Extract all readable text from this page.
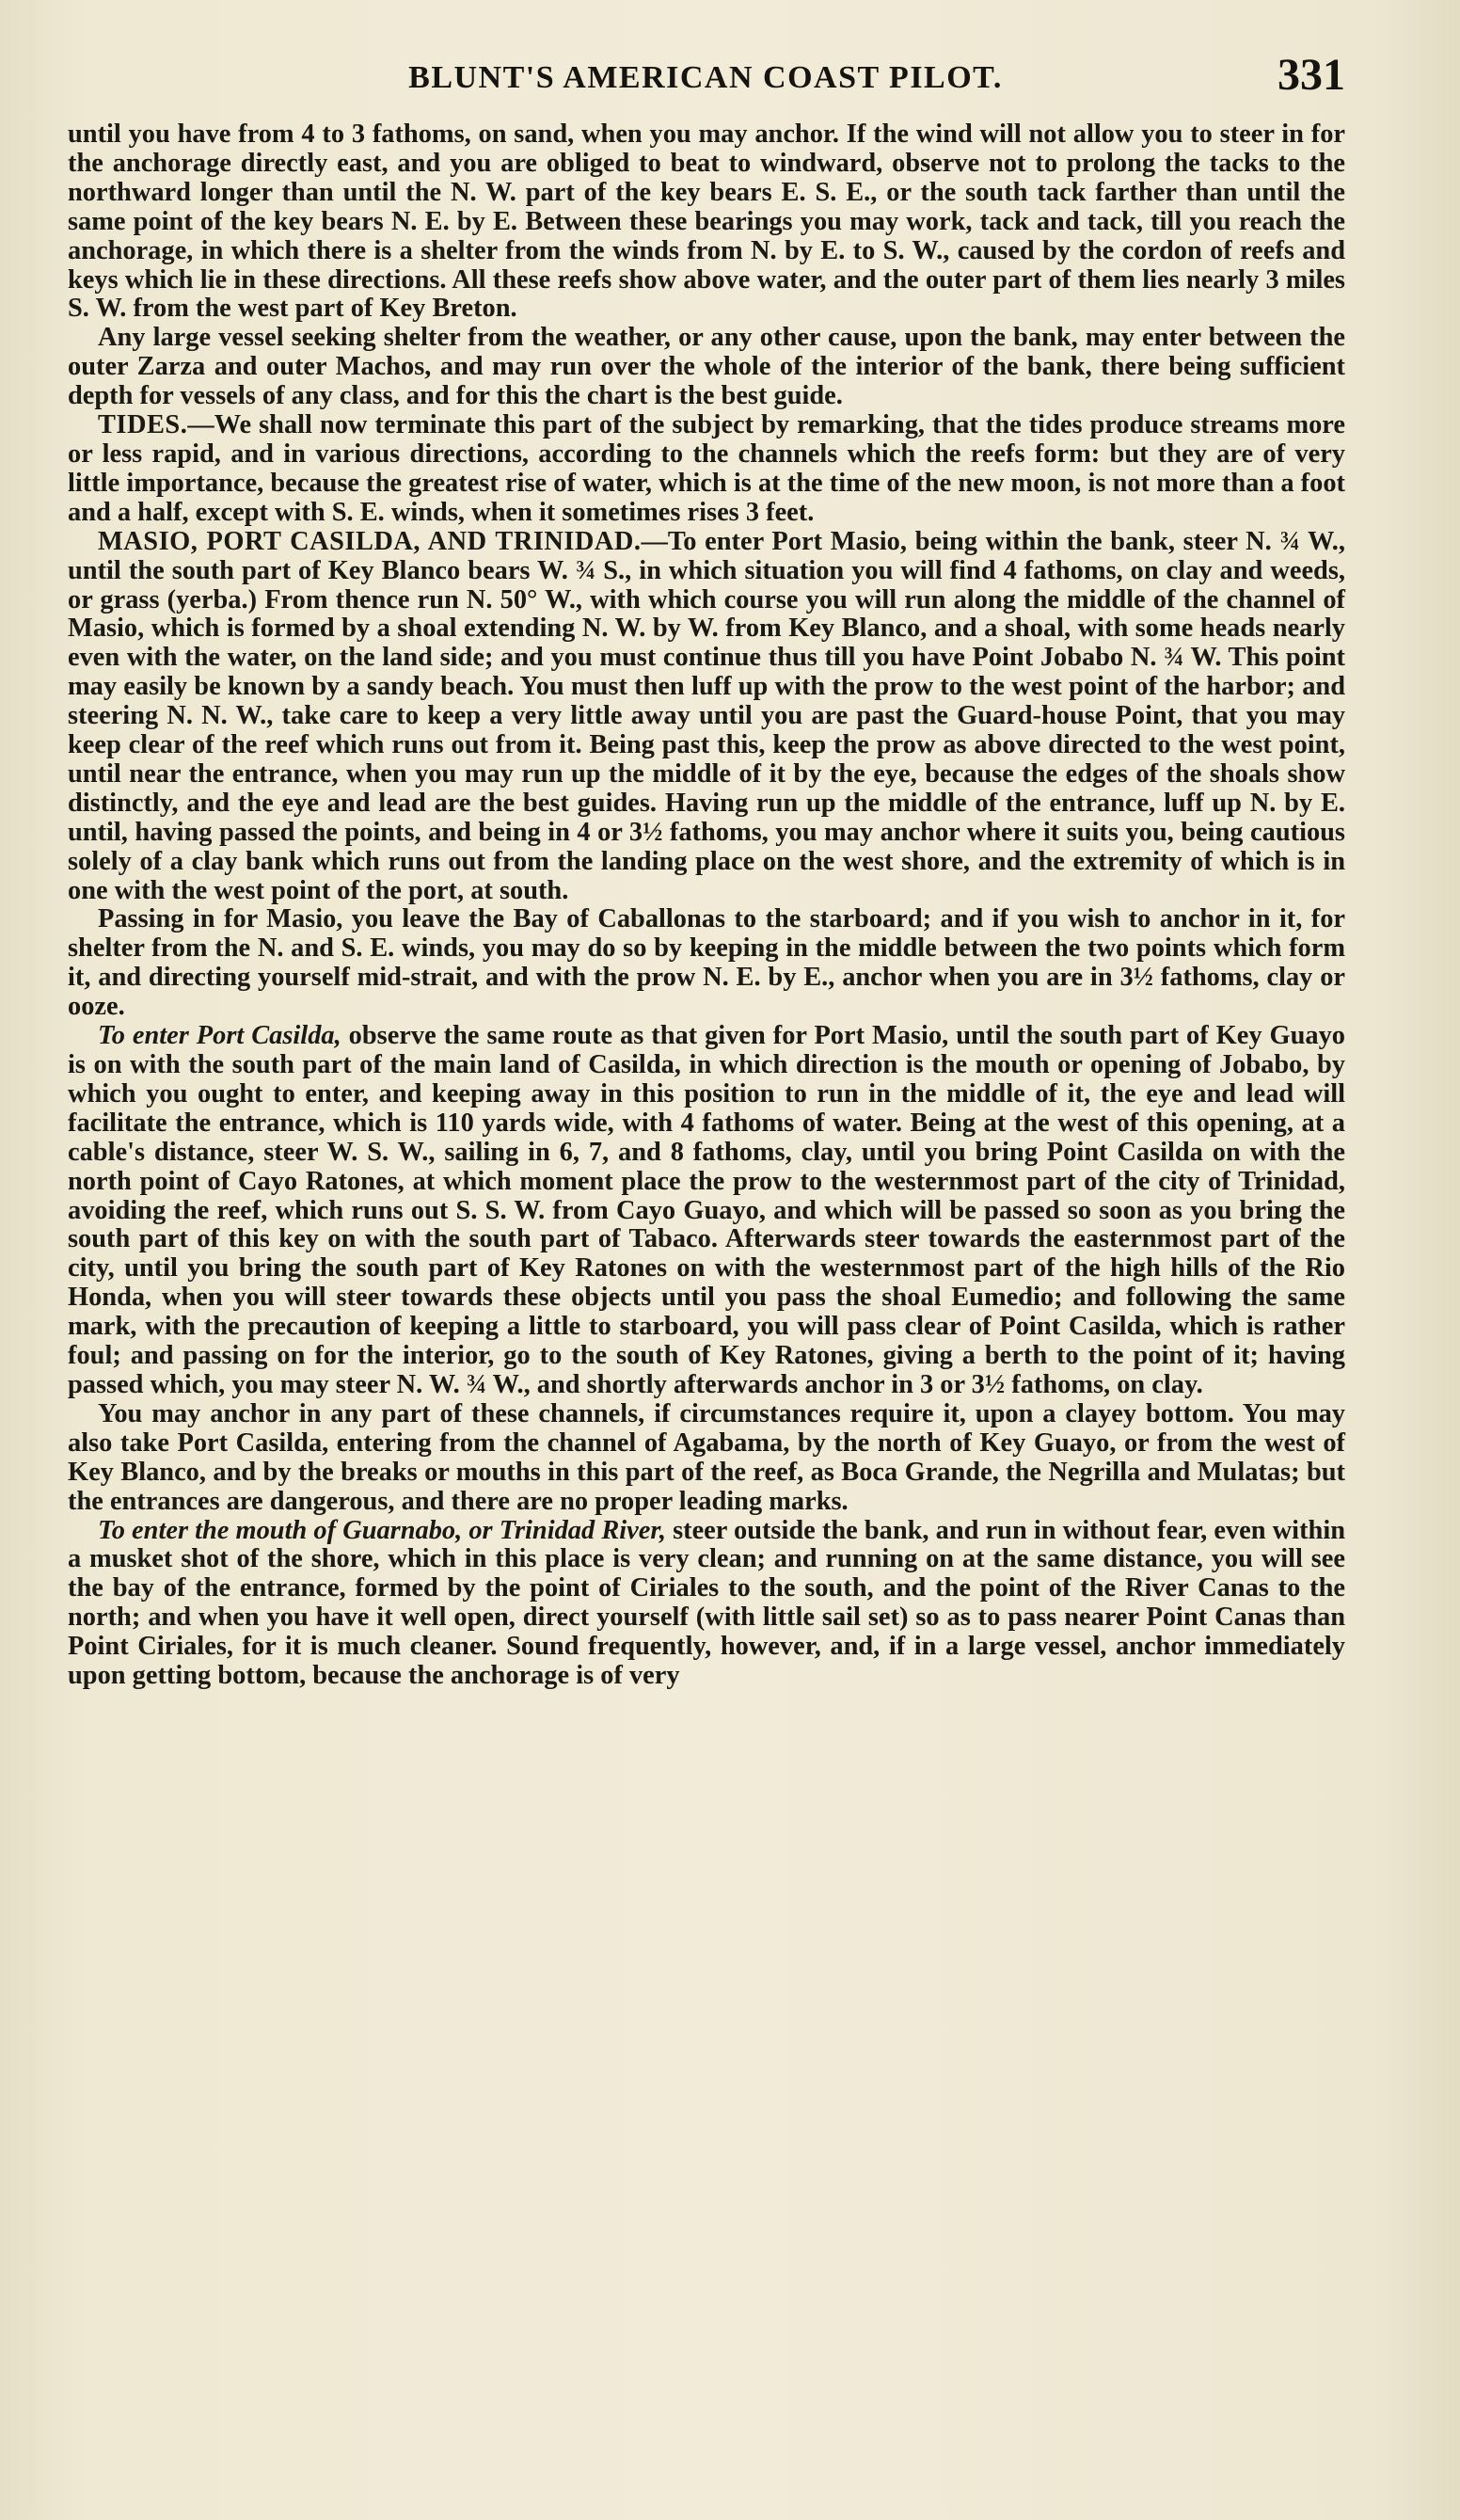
BLUNT'S AMERICAN COAST PILOT.	331

until you have from 4 to 3 fathoms, on sand, when you may anchor. If the wind will not allow you to steer in for the anchorage directly east, and you are obliged to beat to windward, observe not to prolong the tacks to the northward longer than until the N. W. part of the key bears E. S. E., or the south tack farther than until the same point of the key bears N. E. by E. Between these bearings you may work, tack and tack, till you reach the anchorage, in which there is a shelter from the winds from N. by E. to S. W., caused by the cordon of reefs and keys which lie in these directions. All these reefs show above water, and the outer part of them lies nearly 3 miles S. W. from the west part of Key Breton.

Any large vessel seeking shelter from the weather, or any other cause, upon the bank, may enter between the outer Zarza and outer Machos, and may run over the whole of the interior of the bank, there being sufficient depth for vessels of any class, and for this the chart is the best guide.

TIDES.—We shall now terminate this part of the subject by remarking, that the tides produce streams more or less rapid, and in various directions, according to the channels which the reefs form: but they are of very little importance, because the greatest rise of water, which is at the time of the new moon, is not more than a foot and a half, except with S. E. winds, when it sometimes rises 3 feet.

MASIO, PORT CASILDA, AND TRINIDAD.—To enter Port Masio, being within the bank, steer N. ¾ W., until the south part of Key Blanco bears W. ¾ S., in which situation you will find 4 fathoms, on clay and weeds, or grass (yerba.) From thence run N. 50° W., with which course you will run along the middle of the channel of Masio, which is formed by a shoal extending N. W. by W. from Key Blanco, and a shoal, with some heads nearly even with the water, on the land side; and you must continue thus till you have Point Jobabo N. ¾ W. This point may easily be known by a sandy beach. You must then luff up with the prow to the west point of the harbor; and steering N. N. W., take care to keep a very little away until you are past the Guard-house Point, that you may keep clear of the reef which runs out from it. Being past this, keep the prow as above directed to the west point, until near the entrance, when you may run up the middle of it by the eye, because the edges of the shoals show distinctly, and the eye and lead are the best guides. Having run up the middle of the entrance, luff up N. by E. until, having passed the points, and being in 4 or 3½ fathoms, you may anchor where it suits you, being cautious solely of a clay bank which runs out from the landing place on the west shore, and the extremity of which is in one with the west point of the port, at south.

Passing in for Masio, you leave the Bay of Caballonas to the starboard; and if you wish to anchor in it, for shelter from the N. and S. E. winds, you may do so by keeping in the middle between the two points which form it, and directing yourself mid-strait, and with the prow N. E. by E., anchor when you are in 3½ fathoms, clay or ooze.

To enter Port Casilda, observe the same route as that given for Port Masio, until the south part of Key Guayo is on with the south part of the main land of Casilda, in which direction is the mouth or opening of Jobabo, by which you ought to enter, and keeping away in this position to run in the middle of it, the eye and lead will facilitate the entrance, which is 110 yards wide, with 4 fathoms of water. Being at the west of this opening, at a cable's distance, steer W. S. W., sailing in 6, 7, and 8 fathoms, clay, until you bring Point Casilda on with the north point of Cayo Ratones, at which moment place the prow to the westernmost part of the city of Trinidad, avoiding the reef, which runs out S. S. W. from Cayo Guayo, and which will be passed so soon as you bring the south part of this key on with the south part of Tabaco. Afterwards steer towards the easternmost part of the city, until you bring the south part of Key Ratones on with the westernmost part of the high hills of the Rio Honda, when you will steer towards these objects until you pass the shoal Eumedio; and following the same mark, with the precaution of keeping a little to starboard, you will pass clear of Point Casilda, which is rather foul; and passing on for the interior, go to the south of Key Ratones, giving a berth to the point of it; having passed which, you may steer N. W. ¾ W., and shortly afterwards anchor in 3 or 3½ fathoms, on clay.

You may anchor in any part of these channels, if circumstances require it, upon a clayey bottom. You may also take Port Casilda, entering from the channel of Agabama, by the north of Key Guayo, or from the west of Key Blanco, and by the breaks or mouths in this part of the reef, as Boca Grande, the Negrilla and Mulatas; but the entrances are dangerous, and there are no proper leading marks.

To enter the mouth of Guarnabo, or Trinidad River, steer outside the bank, and run in without fear, even within a musket shot of the shore, which in this place is very clean; and running on at the same distance, you will see the bay of the entrance, formed by the point of Ciriales to the south, and the point of the River Canas to the north; and when you have it well open, direct yourself (with little sail set) so as to pass nearer Point Canas than Point Ciriales, for it is much cleaner. Sound frequently, however, and, if in a large vessel, anchor immediately upon getting bottom, because the anchorage is of very
